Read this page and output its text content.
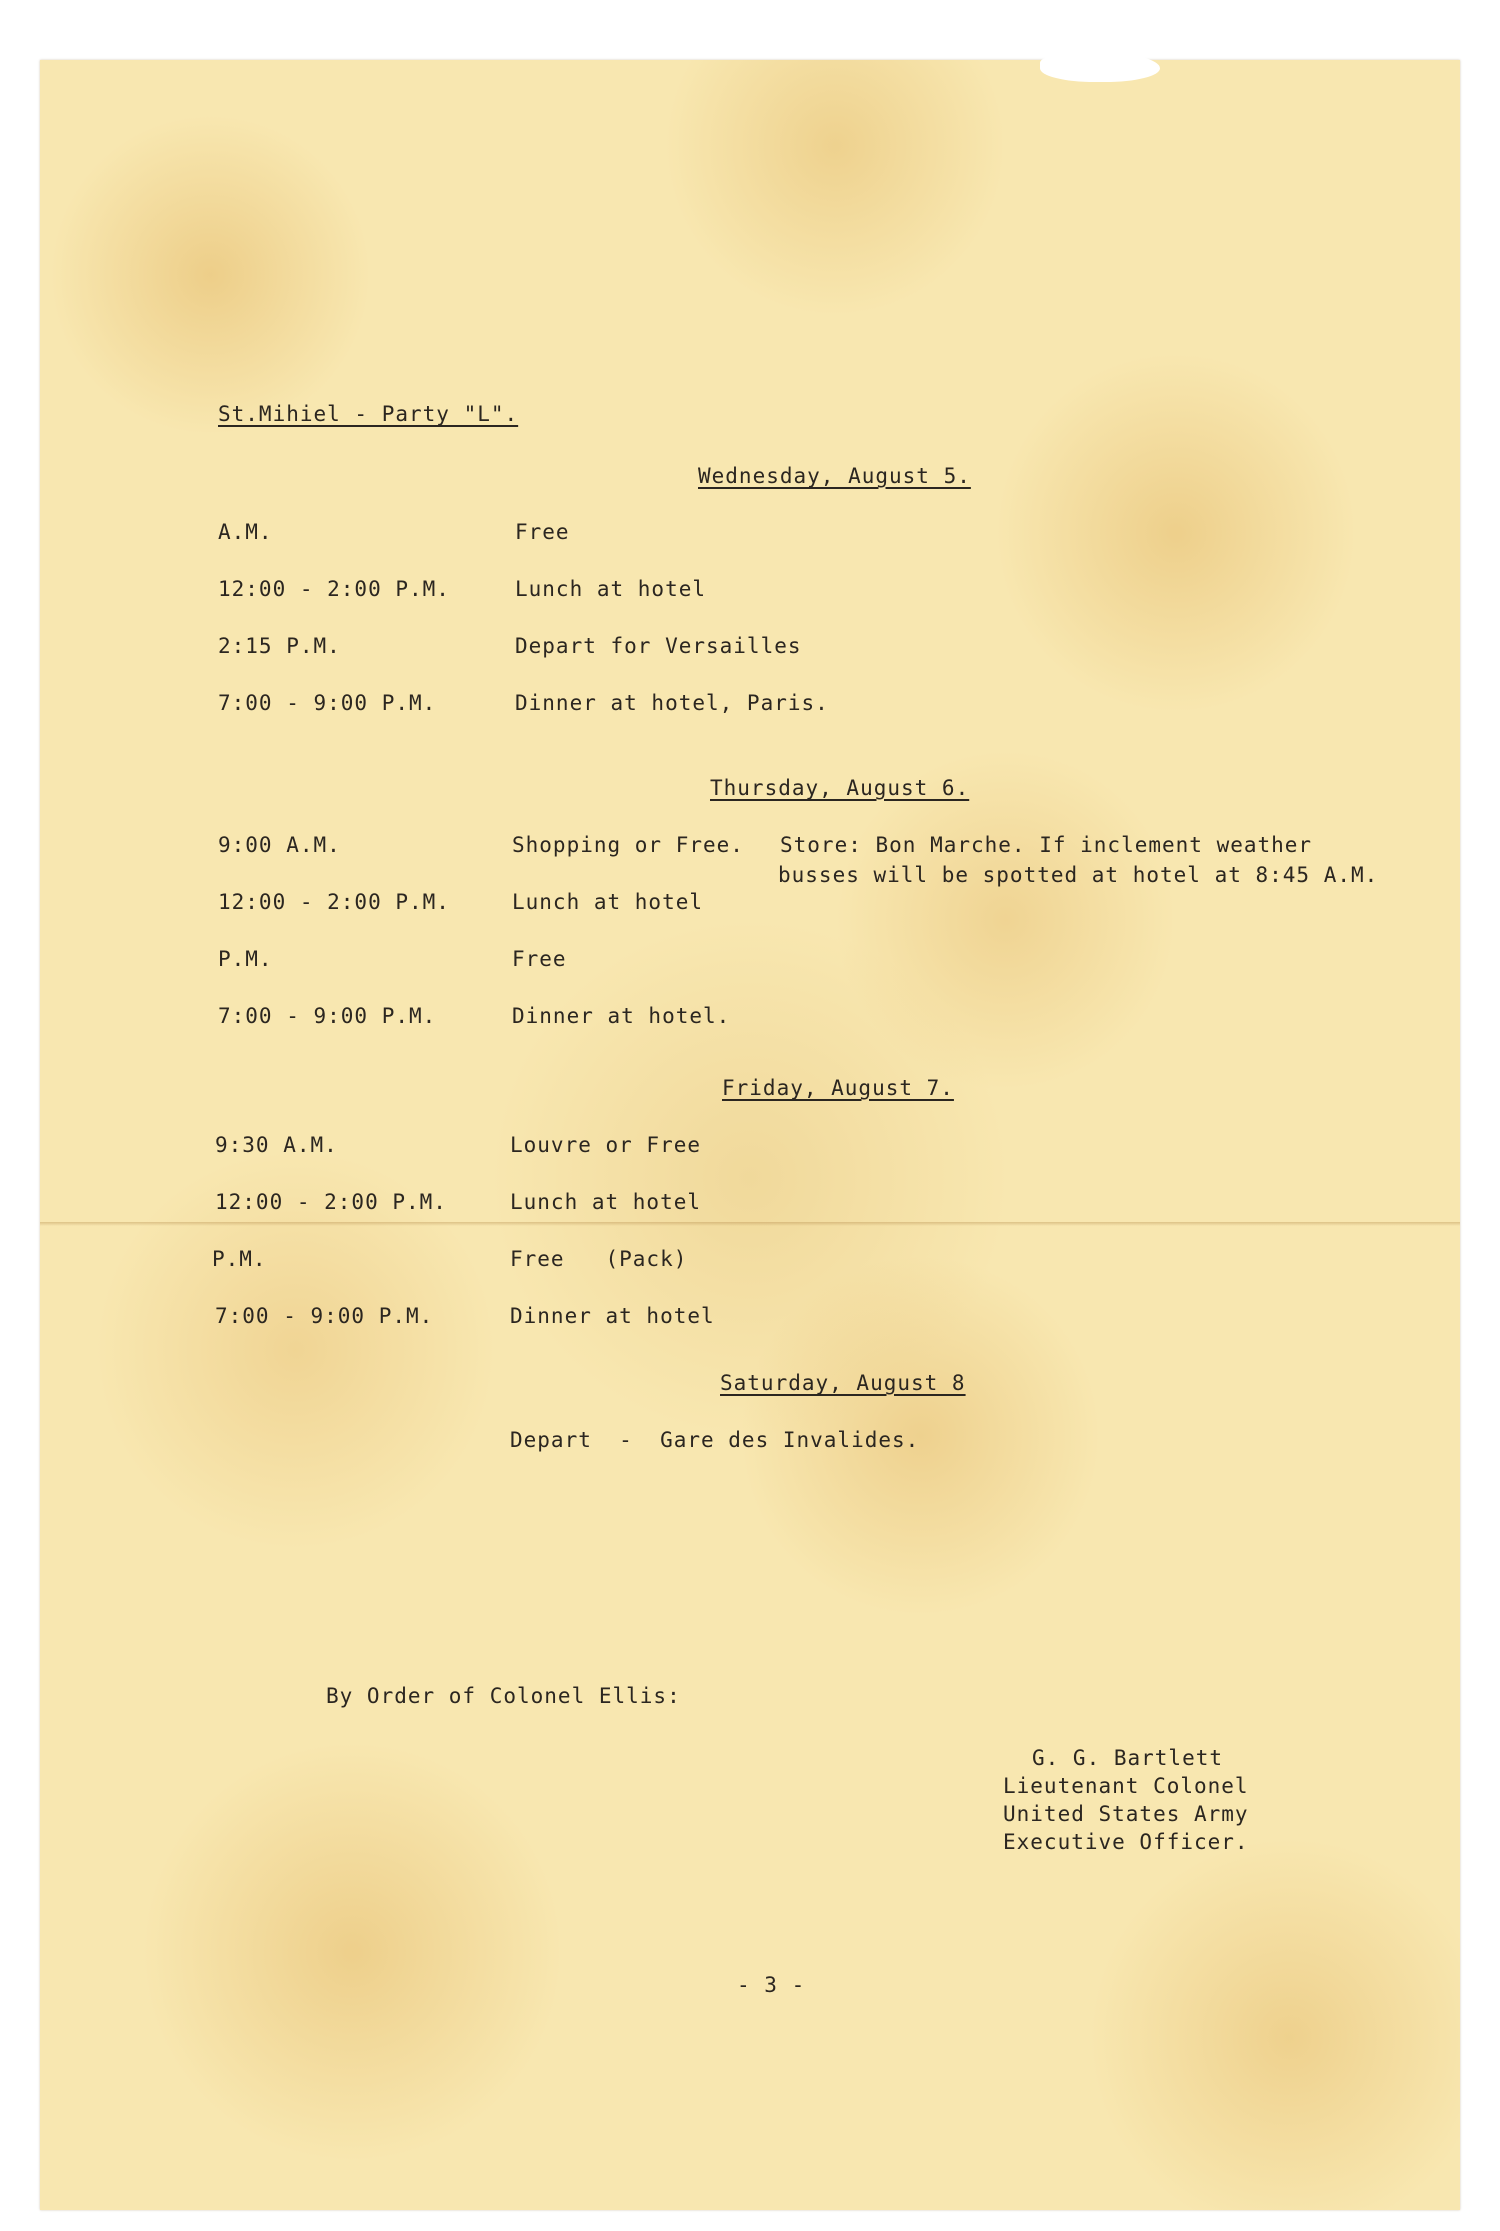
St.Mihiel - Party "L".

Wednesday, August 5.

A.M.	Free

12:00 - 2:00 P.M.	Lunch at hotel

2:15 P.M.	Depart for Versailles

7:00 - 9:00 P.M.	Dinner at hotel, Paris.

Thursday, August 6.

9:00 A.M.	Shopping or Free. Store: Bon Marche. If inclement weather

busses will be spotted at hotel at 8:45 A.M.

12:00 - 2:00 P.M.	Lunch at hotel

P.M.	Free

7:00 - 9:00 P.M.	Dinner at hotel.

Friday, August 7.

9:30 A.M.	Louvre or Free

12:00 - 2:00 P.M.	Lunch at hotel

P.M.	Free   (Pack)

7:00 - 9:00 P.M.	Dinner at hotel

Saturday, August 8

Depart  -  Gare des Invalides.

By Order of Colonel Ellis:

G. G. Bartlett

Lieutenant Colonel

United States Army

Executive Officer.

- 3 -
